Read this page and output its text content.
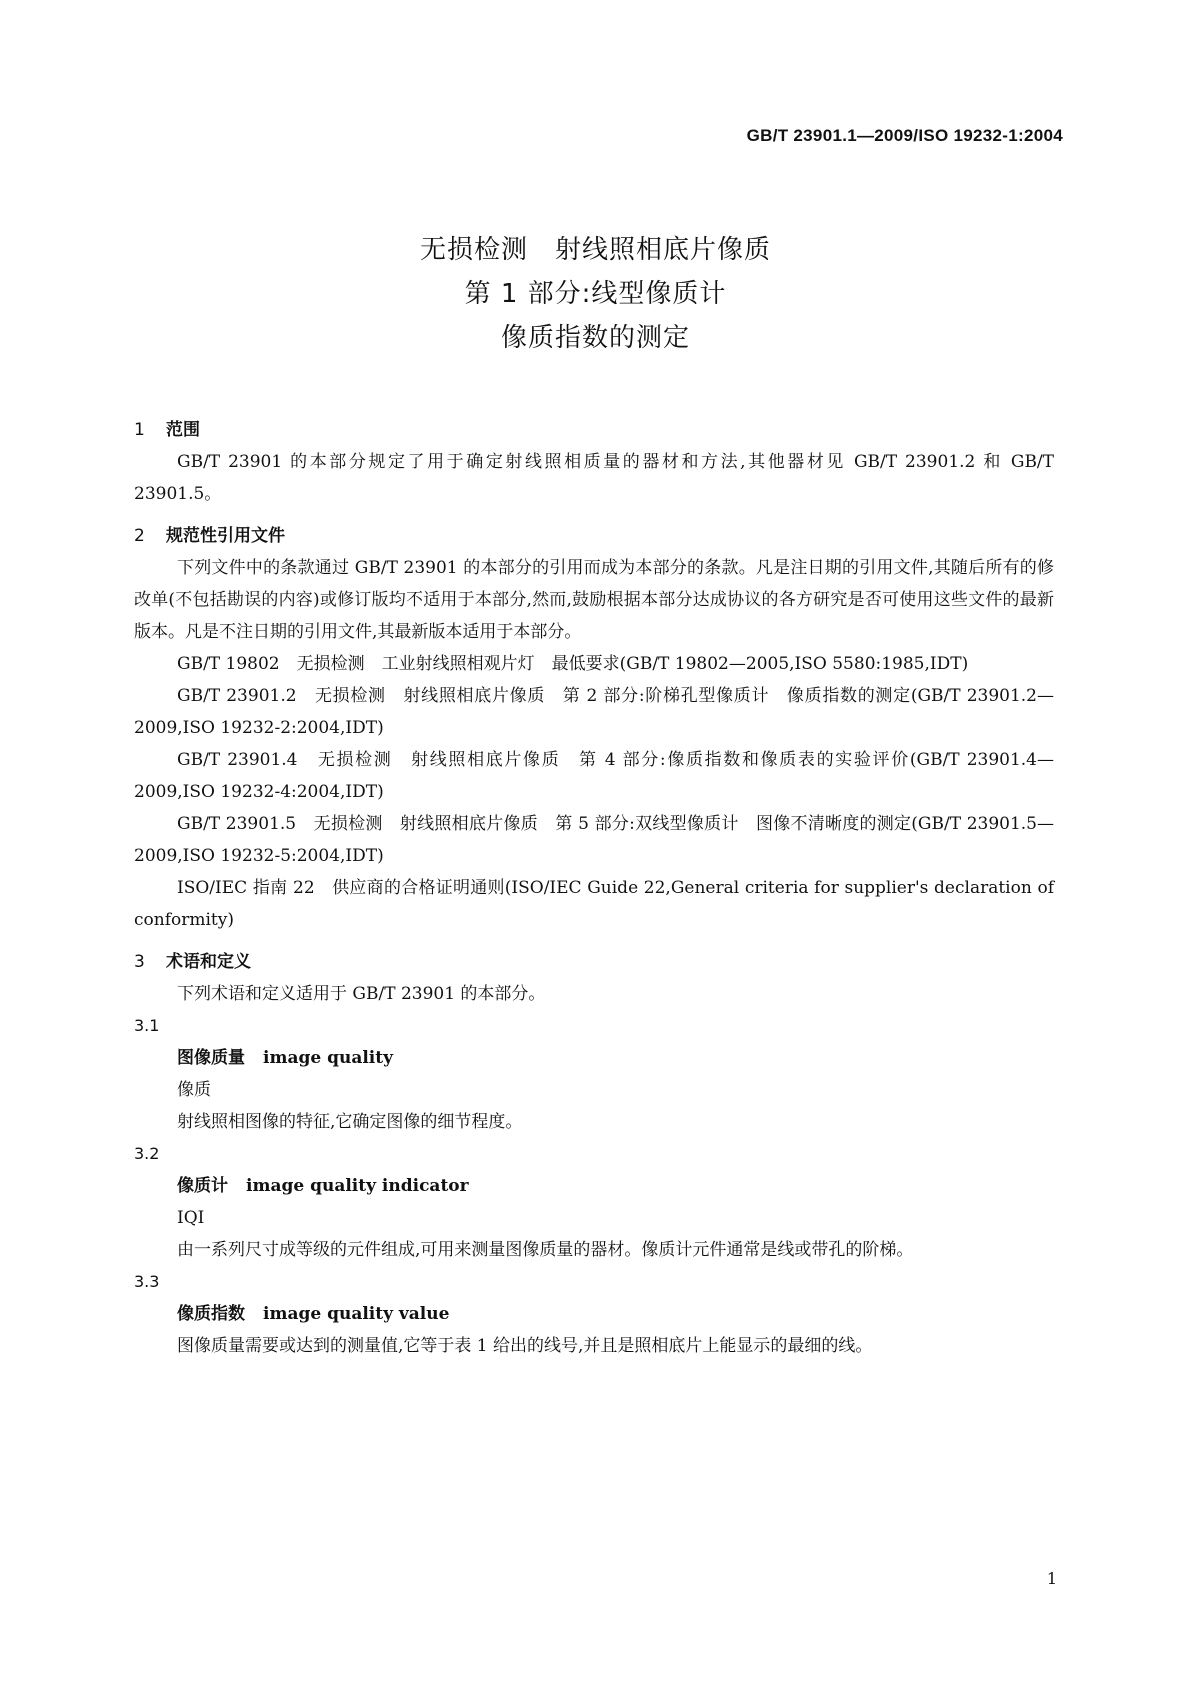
GB/T 23901.1—2009/ISO 19232-1:2004
无损检测　射线照相底片像质
第 1 部分:线型像质计
像质指数的测定
1	范围

GB/T 23901 的本部分规定了用于确定射线照相质量的器材和方法,其他器材见 GB/T 23901.2 和 GB/T 23901.5。

2	规范性引用文件

下列文件中的条款通过 GB/T 23901 的本部分的引用而成为本部分的条款。凡是注日期的引用文件,其随后所有的修改单(不包括勘误的内容)或修订版均不适用于本部分,然而,鼓励根据本部分达成协议的各方研究是否可使用这些文件的最新版本。凡是不注日期的引用文件,其最新版本适用于本部分。

GB/T 19802　无损检测　工业射线照相观片灯　最低要求(GB/T 19802—2005,ISO 5580:1985,IDT)

GB/T 23901.2　无损检测　射线照相底片像质　第 2 部分:阶梯孔型像质计　像质指数的测定(GB/T 23901.2—2009,ISO 19232-2:2004,IDT)

GB/T 23901.4　无损检测　射线照相底片像质　第 4 部分:像质指数和像质表的实验评价(GB/T 23901.4—2009,ISO 19232-4:2004,IDT)

GB/T 23901.5　无损检测　射线照相底片像质　第 5 部分:双线型像质计　图像不清晰度的测定(GB/T 23901.5—2009,ISO 19232-5:2004,IDT)

ISO/IEC 指南 22　供应商的合格证明通则(ISO/IEC Guide 22,General criteria for supplier's declaration of conformity)

3	术语和定义

下列术语和定义适用于 GB/T 23901 的本部分。

3.1

图像质量 image quality

像质

射线照相图像的特征,它确定图像的细节程度。

3.2

像质计 image quality indicator

IQI

由一系列尺寸成等级的元件组成,可用来测量图像质量的器材。像质计元件通常是线或带孔的阶梯。

3.3

像质指数 image quality value

图像质量需要或达到的测量值,它等于表 1 给出的线号,并且是照相底片上能显示的最细的线。

1
